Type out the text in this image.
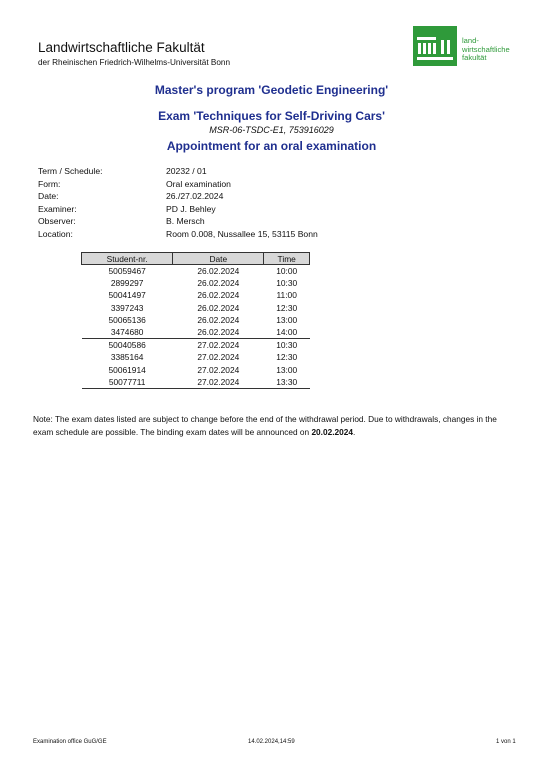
Landwirtschaftliche Fakultät
der Rheinischen Friedrich-Wilhelms-Universität Bonn
land-
wirtschaftliche
fakultät
Master's program 'Geodetic Engineering'
Exam 'Techniques for Self-Driving Cars'
MSR-06-TSDC-E1, 753916029
Appointment for an oral examination
Term / Schedule:	20232 / 01
Form:	Oral examination
Date:	26./27.02.2024
Examiner:	PD J. Behley
Observer:	B. Mersch
Location:	Room 0.008, Nussallee 15, 53115 Bonn
Student-nr.	Date	Time
50059467	26.02.2024	10:00
2899297	26.02.2024	10:30
50041497	26.02.2024	11:00
3397243	26.02.2024	12:30
50065136	26.02.2024	13:00
3474680	26.02.2024	14:00
50040586	27.02.2024	10:30
3385164	27.02.2024	12:30
50061914	27.02.2024	13:00
50077711	27.02.2024	13:30
Note: The exam dates listed are subject to change before the end of the withdrawal period. Due to withdrawals, changes in the exam schedule are possible. The binding exam dates will be announced on 20.02.2024.
Examination office GuG/GE	14.02.2024,14:59	1 von 1
